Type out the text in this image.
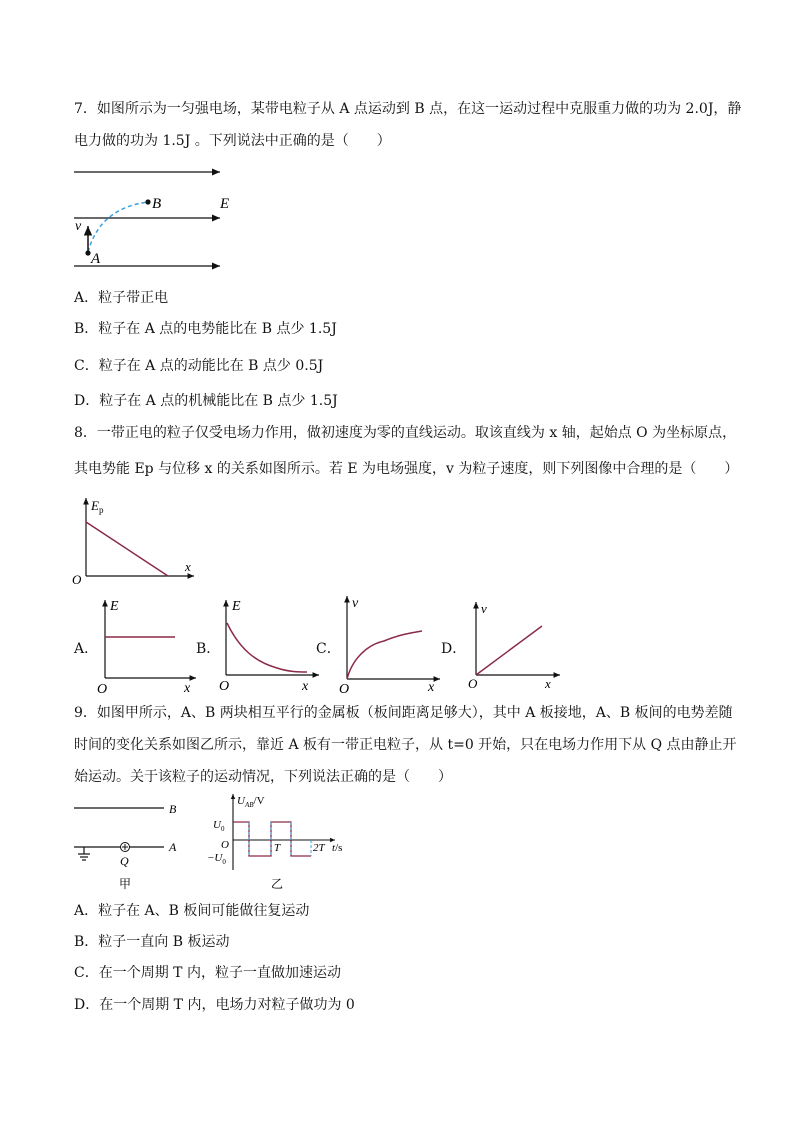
7．如图所示为一匀强电场，某带电粒子从 A 点运动到 B 点，在这一运动过程中克服重力做的功为 2.0J，静
电力做的功为 1.5J 。下列说法中正确的是（　　）
B	E
v
A
A．粒子带正电
B．粒子在 A 点的电势能比在 B 点少 1.5J
C．粒子在 A 点的动能比在 B 点少 0.5J
D．粒子在 A 点的机械能比在 B 点少 1.5J
8．一带正电的粒子仅受电场力作用，做初速度为零的直线运动。取该直线为 x 轴，起始点 O 为坐标原点，
其电势能 Ep 与位移 x 的关系如图所示。若 E 为电场强度，v 为粒子速度，则下列图像中合理的是（　　）
$E_p$
x
O
A．
E
x
O
B．
E
x
O
C．
v
x
O
D．
v
x
O
9．如图甲所示，A、B 两块相互平行的金属板（板间距离足够大），其中 A 板接地，A、B 板间的电势差随
时间的变化关系如图乙所示，靠近 A 板有一带正电粒子，从 t=0 开始，只在电场力作用下从 Q 点由静止开
始运动。关于该粒子的运动情况，下列说法正确的是（　　）
B
A
Q
甲
$U_{AB}/V$
$U_0$
$-U_0$
O	T	2T t/s
乙
A．粒子在 A、B 板间可能做往复运动
B．粒子一直向 B 板运动
C．在一个周期 T 内，粒子一直做加速运动
D．在一个周期 T 内，电场力对粒子做功为 0
